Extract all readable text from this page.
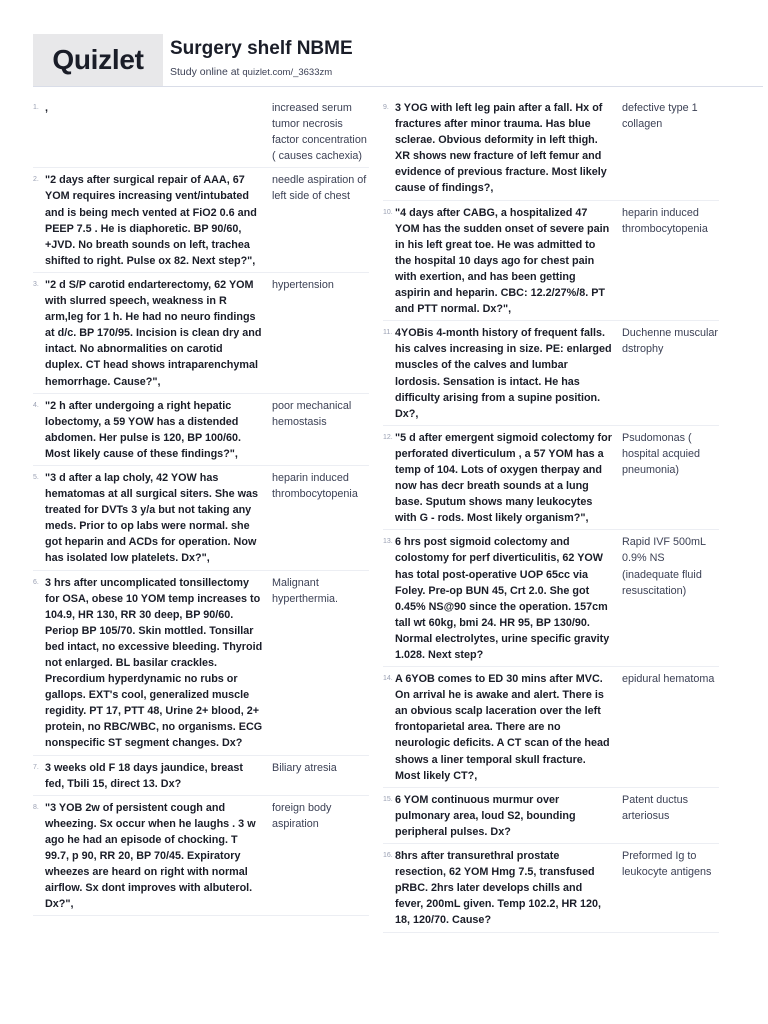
Quizlet	Surgery shelf NBME
Study online at quizlet.com/_3633zm
1. ,	increased serum tumor necrosis factor concentration ( causes cachexia)
2. "2 days after surgical repair of AAA, 67 YOM requires increasing vent/intubated and is being mech vented at FiO2 0.6 and PEEP 7.5 . He is diaphoretic. BP 90/60, +JVD. No breath sounds on left, trachea shifted to right. Pulse ox 82. Next step?",
needle aspiration of left side of chest
3. "2 d S/P carotid endarterectomy, 62 YOM with slurred speech, weakness in R arm,leg for 1 h. He had no neuro findings at d/c. BP 170/95. Incision is clean dry and intact. No abnormalities on carotid duplex. CT head shows intraparenchymal hemorrhage. Cause?",
hypertension
4. "2 h after undergoing a right hepatic lobectomy, a 59 YOW has a distended abdomen. Her pulse is 120, BP 100/60. Most likely cause of these findings?",
poor mechanical hemostasis
5. "3 d after a lap choly, 42 YOW has hematomas at all surgical siters. She was treated for DVTs 3 y/a but not taking any meds. Prior to op labs were normal. she got heparin and ACDs for operation. Now has isolated low platelets. Dx?",
heparin induced thrombocytopenia
6. 3 hrs after uncomplicated tonsillectomy for OSA, obese 10 YOM temp increases to 104.9, HR 130, RR 30 deep, BP 90/60. Periop BP 105/70. Skin mottled. Tonsillar bed intact, no excessive bleeding. Thyroid not enlarged. BL basilar crackles. Precordium hyperdynamic no rubs or gallops. EXT's cool, generalized muscle regidity. PT 17, PTT 48, Urine 2+ blood, 2+ protein, no RBC/WBC, no organisms. ECG nonspecific ST segment changes. Dx?
Malignant hyperthermia.
7. 3 weeks old F 18 days jaundice, breast fed, Tbili 15, direct 13. Dx?
Biliary atresia
8. "3 YOB 2w of persistent cough and wheezing. Sx occur when he laughs . 3 w ago he had an episode of chocking. T 99.7, p 90, RR 20, BP 70/45. Expiratory wheezes are heard on right with normal airflow. Sx dont improves with albuterol. Dx?",
foreign body aspiration
9. 3 YOG with left leg pain after a fall. Hx of fractures after minor trauma. Has blue sclerae. Obvious deformity in left thigh. XR shows new fracture of left femur and evidence of previous fracture. Most likely cause of findings?,
defective type 1 collagen
10. "4 days after CABG, a hospitalized 47 YOM has the sudden onset of severe pain in his left great toe. He was admitted to the hospital 10 days ago for chest pain with exertion, and has been getting aspirin and heparin. CBC: 12.2/27%/8. PT and PTT normal. Dx?",
heparin induced thrombocytopenia
11. 4YOBis 4-month history of frequent falls. his calves increasing in size. PE: enlarged muscles of the calves and lumbar lordosis. Sensation is intact. He has difficulty arising from a supine position. Dx?,
Duchenne muscular dstrophy
12. "5 d after emergent sigmoid colectomy for perforated diverticulum , a 57 YOM has a temp of 104. Lots of oxygen therpay and now has decr breath sounds at a lung base. Sputum shows many leukocytes with G - rods. Most likely organism?",
Psudomonas ( hospital acquied pneumonia)
13. 6 hrs post sigmoid colectomy and colostomy for perf diverticulitis, 62 YOW has total post-operative UOP 65cc via Foley. Pre-op BUN 45, Crt 2.0. She got 0.45% NS@90 since the operation. 157cm tall wt 60kg, bmi 24. HR 95, BP 130/90. Normal electrolytes, urine specific gravity 1.028. Next step?
Rapid IVF 500mL 0.9% NS (inadequate fluid resuscitation)
14. A 6YOB comes to ED 30 mins after MVC. On arrival he is awake and alert. There is an obvious scalp laceration over the left frontoparietal area. There are no neurologic deficits. A CT scan of the head shows a liner temporal skull fracture. Most likely CT?,
epidural hematoma
15. 6 YOM continuous murmur over pulmonary area, loud S2, bounding peripheral pulses. Dx?
Patent ductus arteriosus
16. 8hrs after transurethral prostate resection, 62 YOM Hmg 7.5, transfused pRBC. 2hrs later develops chills and fever, 200mL given. Temp 102.2, HR 120, 18, 120/70. Cause?
Preformed Ig to leukocyte antigens
